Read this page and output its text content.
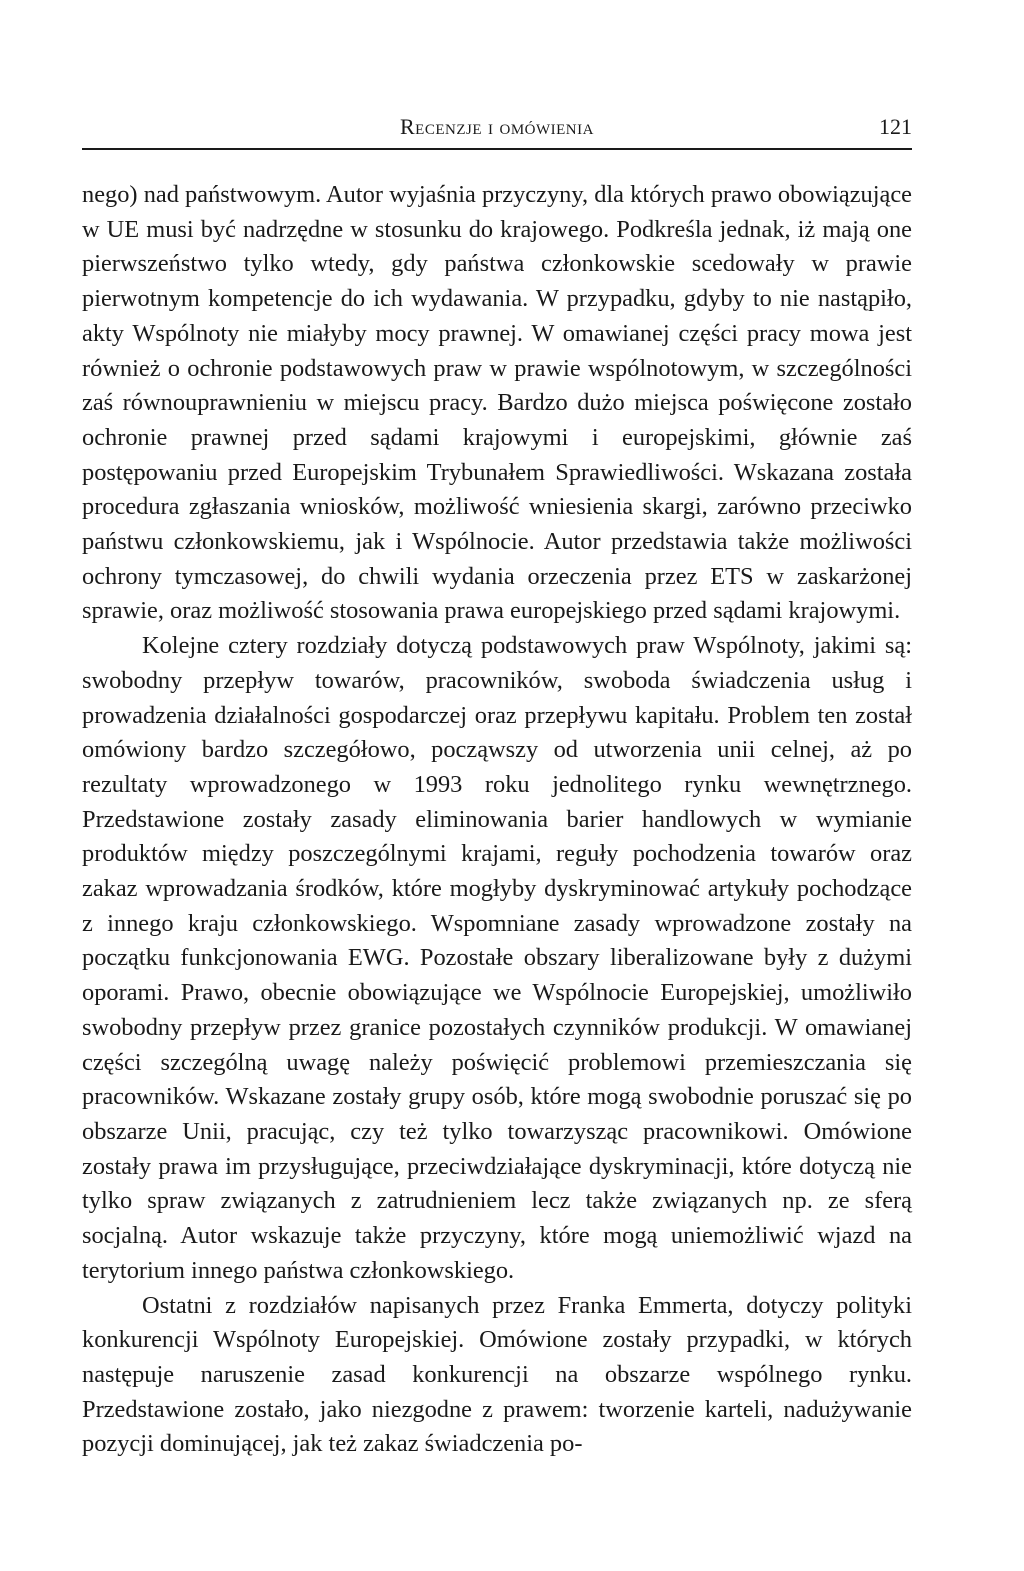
Recenzje i omówienia	121

nego) nad państwowym. Autor wyjaśnia przyczyny, dla których prawo obowiązujące w UE musi być nadrzędne w stosunku do krajowego. Podkreśla jednak, iż mają one pierwszeństwo tylko wtedy, gdy państwa członkowskie scedowały w prawie pierwotnym kompetencje do ich wydawania. W przypadku, gdyby to nie nastąpiło, akty Wspólnoty nie miałyby mocy prawnej. W omawianej części pracy mowa jest również o ochronie podstawowych praw w prawie wspólnotowym, w szczególności zaś równouprawnieniu w miejscu pracy. Bardzo dużo miejsca poświęcone zostało ochronie prawnej przed sądami krajowymi i europejskimi, głównie zaś postępowaniu przed Europejskim Trybunałem Sprawiedliwości. Wskazana została procedura zgłaszania wniosków, możliwość wniesienia skargi, zarówno przeciwko państwu członkowskiemu, jak i Wspólnocie. Autor przedstawia także możliwości ochrony tymczasowej, do chwili wydania orzeczenia przez ETS w zaskarżonej sprawie, oraz możliwość stosowania prawa europejskiego przed sądami krajowymi.

Kolejne cztery rozdziały dotyczą podstawowych praw Wspólnoty, jakimi są: swobodny przepływ towarów, pracowników, swoboda świadczenia usług i prowadzenia działalności gospodarczej oraz przepływu kapitału. Problem ten został omówiony bardzo szczegółowo, począwszy od utworzenia unii celnej, aż po rezultaty wprowadzonego w 1993 roku jednolitego rynku wewnętrznego. Przedstawione zostały zasady eliminowania barier handlowych w wymianie produktów między poszczególnymi krajami, reguły pochodzenia towarów oraz zakaz wprowadzania środków, które mogłyby dyskryminować artykuły pochodzące z innego kraju członkowskiego. Wspomniane zasady wprowadzone zostały na początku funkcjonowania EWG. Pozostałe obszary liberalizowane były z dużymi oporami. Prawo, obecnie obowiązujące we Wspólnocie Europejskiej, umożliwiło swobodny przepływ przez granice pozostałych czynników produkcji. W omawianej części szczególną uwagę należy poświęcić problemowi przemieszczania się pracowników. Wskazane zostały grupy osób, które mogą swobodnie poruszać się po obszarze Unii, pracując, czy też tylko towarzysząc pracownikowi. Omówione zostały prawa im przysługujące, przeciwdziałające dyskryminacji, które dotyczą nie tylko spraw związanych z zatrudnieniem lecz także związanych np. ze sferą socjalną. Autor wskazuje także przyczyny, które mogą uniemożliwić wjazd na terytorium innego państwa członkowskiego.

Ostatni z rozdziałów napisanych przez Franka Emmerta, dotyczy polityki konkurencji Wspólnoty Europejskiej. Omówione zostały przypadki, w których następuje naruszenie zasad konkurencji na obszarze wspólnego rynku. Przedstawione zostało, jako niezgodne z prawem: tworzenie karteli, nadużywanie pozycji dominującej, jak też zakaz świadczenia po-
